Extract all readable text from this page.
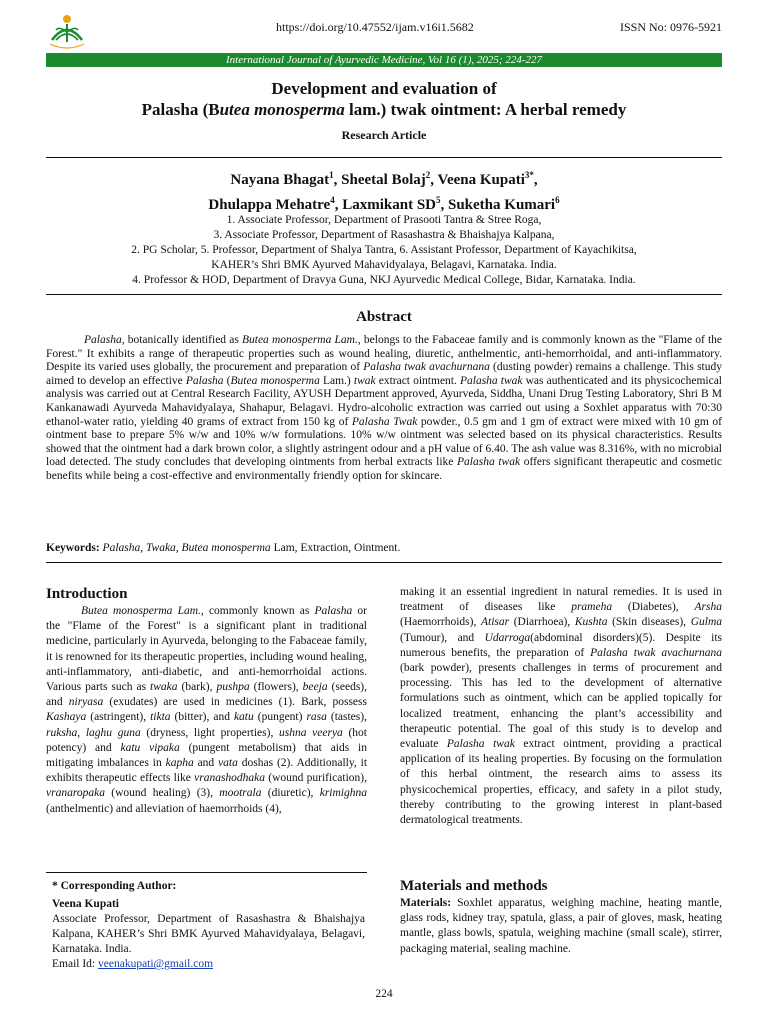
https://doi.org/10.47552/ijam.v16i1.5682	ISSN No: 0976-5921
International Journal of Ayurvedic Medicine, Vol 16 (1), 2025; 224-227
Development and evaluation of
Palasha (Butea monosperma lam.) twak ointment: A herbal remedy
Research Article
Nayana Bhagat$^1$, Sheetal Bolaj$^2$, Veena Kupati$^{3*}$,
Dhulappa Mehatre$^4$, Laxmikant $SD^5$, Suketha Kumari$^6$
1. Associate Professor, Department of Prasooti Tantra & Stree Roga,
3. Associate Professor, Department of Rasashastra & Bhaishajya Kalpana,
2. PG Scholar, 5. Professor, Department of Shalya Tantra, 6. Assistant Professor, Department of Kayachikitsa,
KAHER’s Shri BMK Ayurved Mahavidyalaya, Belagavi, Karnataka. India.
4. Professor & HOD, Department of Dravya Guna, NKJ Ayurvedic Medical College, Bidar, Karnataka. India.
Abstract

Palasha, botanically identified as Butea monosperma Lam., belongs to the Fabaceae family and is commonly known as the "Flame of the Forest." It exhibits a range of therapeutic properties such as wound healing, diuretic, anthelmentic, anti-hemorrhoidal, and anti-inflammatory. Despite its varied uses globally, the procurement and preparation of Palasha twak avachurnana (dusting powder) remains a challenge. This study aimed to develop an effective Palasha (Butea monosperma Lam.) twak extract ointment. Palasha twak was authenticated and its physicochemical analysis was carried out at Central Research Facility, AYUSH Department approved, Ayurveda, Siddha, Unani Drug Testing Laboratory, Shri B M Kankanawadi Ayurveda Mahavidyalaya, Shahapur, Belagavi. Hydro-alcoholic extraction was carried out using a Soxhlet apparatus with 70:30 ethanol-water ratio, yielding 40 grams of extract from 150 kg of Palasha Twak powder., 0.5 gm and 1 gm of extract were mixed with 10 gm of ointment base to prepare 5% w/w and 10% w/w formulations. 10% w/w ointment was selected based on its physical characteristics. Results showed that the ointment had a dark brown color, a slightly astringent odour and a pH value of 6.40. The ash value was 8.316%, with no microbial load detected. The study concludes that developing ointments from herbal extracts like Palasha twak offers significant therapeutic and cosmetic benefits while being a cost-effective and environmentally friendly option for skincare.

Keywords: Palasha, Twaka, Butea monosperma Lam, Extraction, Ointment.
Introduction

Butea monosperma Lam., commonly known as Palasha or the "Flame of the Forest" is a significant plant in traditional medicine, particularly in Ayurveda, belonging to the Fabaceae family, it is renowned for its therapeutic properties, including wound healing, anti-inflammatory, anti-diabetic, and anti-hemorrhoidal actions. Various parts such as twaka (bark), pushpa (flowers), beeja (seeds), and niryasa (exudates) are used in medicines (1). Bark, possess Kashaya (astringent), tikta (bitter), and katu (pungent) rasa (tastes), ruksha, laghu guna (dryness, light properties), ushna veerya (hot potency) and katu vipaka (pungent metabolism) that aids in mitigating imbalances in kapha and vata doshas (2). Additionally, it exhibits therapeutic effects like vranashodhaka (wound purification), vranaropaka (wound healing) (3), mootrala (diuretic), krimighna (anthelmentic) and alleviation of haemorrhoids (4),

* Corresponding Author:
Veena Kupati
Associate Professor, Department of Rasashastra & Bhaishajya Kalpana, KAHER’s Shri BMK Ayurved Mahavidyalaya, Belagavi, Karnataka. India.
Email Id: veenakupati@gmail.com
making it an essential ingredient in natural remedies. It is used in treatment of diseases like prameha (Diabetes), Arsha (Haemorrhoids), Atisar (Diarrhoea), Kushta (Skin diseases), Gulma (Tumour), and Udarroga(abdominal disorders)(5). Despite its numerous benefits, the preparation of Palasha twak avachurnana (bark powder), presents challenges in terms of procurement and processing. This has led to the development of alternative formulations such as ointment, which can be applied topically for localized treatment, enhancing the plant’s accessibility and therapeutic potential. The goal of this study is to develop and evaluate Palasha twak extract ointment, providing a practical application of its healing properties. By focusing on the formulation of this herbal ointment, the research aims to assess its physicochemical properties, efficacy, and safety in a pilot study, thereby contributing to the growing interest in plant-based dermatological treatments.
Materials and methods
Materials: Soxhlet apparatus, weighing machine, heating mantle, glass rods, kidney tray, spatula, glass, a pair of gloves, mask, heating mantle, glass bowls, spatula, weighing machine (small scale), stirrer, packaging material, sealing machine.
224
